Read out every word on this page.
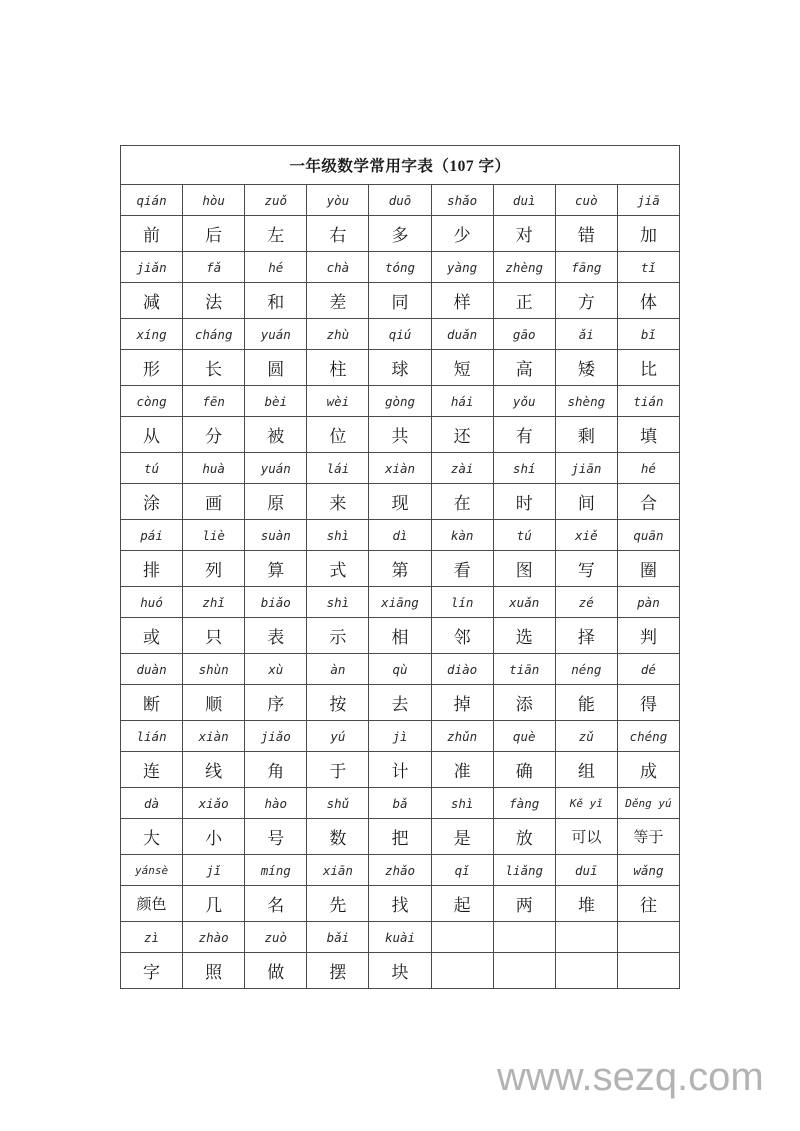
一年级数学常用字表（107 字）								
qián	hòu	zuǒ	yòu	duō	shǎo	duì	cuò	jiā
前	后	左	右	多	少	对	错	加
jiǎn	fǎ	hé	chà	tóng	yàng	zhèng	fāng	tǐ
减	法	和	差	同	样	正	方	体
xíng	cháng	yuán	zhù	qiú	duǎn	gāo	ǎi	bǐ
形	长	圆	柱	球	短	高	矮	比
còng	fēn	bèi	wèi	gòng	hái	yǒu	shèng	tián
从	分	被	位	共	还	有	剩	填
tú	huà	yuán	lái	xiàn	zài	shí	jiān	hé
涂	画	原	来	现	在	时	间	合
pái	liè	suàn	shì	dì	kàn	tú	xiě	quān
排	列	算	式	第	看	图	写	圈
huó	zhǐ	biǎo	shì	xiāng	lín	xuǎn	zé	pàn
或	只	表	示	相	邻	选	择	判
duàn	shùn	xù	àn	qù	diào	tiān	néng	dé
断	顺	序	按	去	掉	添	能	得
lián	xiàn	jiǎo	yú	jì	zhǔn	què	zǔ	chéng
连	线	角	于	计	准	确	组	成
dà	xiǎo	hào	shǔ	bǎ	shì	fàng	Kě yǐ	Děng yú
大	小	号	数	把	是	放	可以	等于
yánsè	jǐ	míng	xiān	zhǎo	qǐ	liǎng	duī	wǎng
颜色	几	名	先	找	起	两	堆	往
zì	zhào	zuò	bǎi	kuài				
字	照	做	摆	块				
www.sezq.com
